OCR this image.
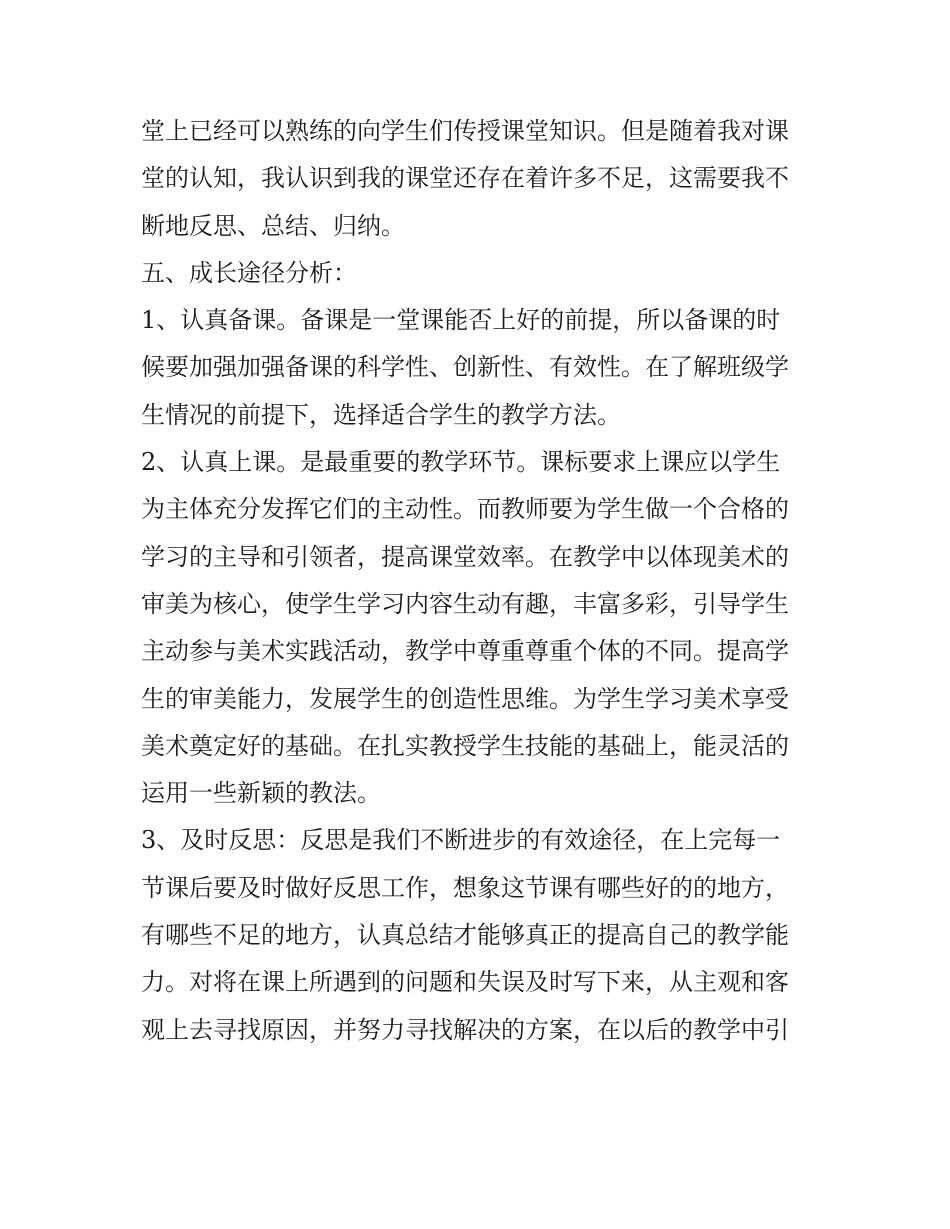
堂上已经可以熟练的向学生们传授课堂知识。但是随着我对课
堂的认知，我认识到我的课堂还存在着许多不足，这需要我不
断地反思、总结、归纳。
五、成长途径分析：
1、认真备课。备课是一堂课能否上好的前提，所以备课的时
候要加强加强备课的科学性、创新性、有效性。在了解班级学
生情况的前提下，选择适合学生的教学方法。
2、认真上课。是最重要的教学环节。课标要求上课应以学生
为主体充分发挥它们的主动性。而教师要为学生做一个合格的
学习的主导和引领者，提高课堂效率。在教学中以体现美术的
审美为核心，使学生学习内容生动有趣，丰富多彩，引导学生
主动参与美术实践活动，教学中尊重尊重个体的不同。提高学
生的审美能力，发展学生的创造性思维。为学生学习美术享受
美术奠定好的基础。在扎实教授学生技能的基础上，能灵活的
运用一些新颖的教法。
3、及时反思：反思是我们不断进步的有效途径，在上完每一
节课后要及时做好反思工作，想象这节课有哪些好的的地方，
有哪些不足的地方，认真总结才能够真正的提高自己的教学能
力。对将在课上所遇到的问题和失误及时写下来，从主观和客
观上去寻找原因，并努力寻找解决的方案，在以后的教学中引
